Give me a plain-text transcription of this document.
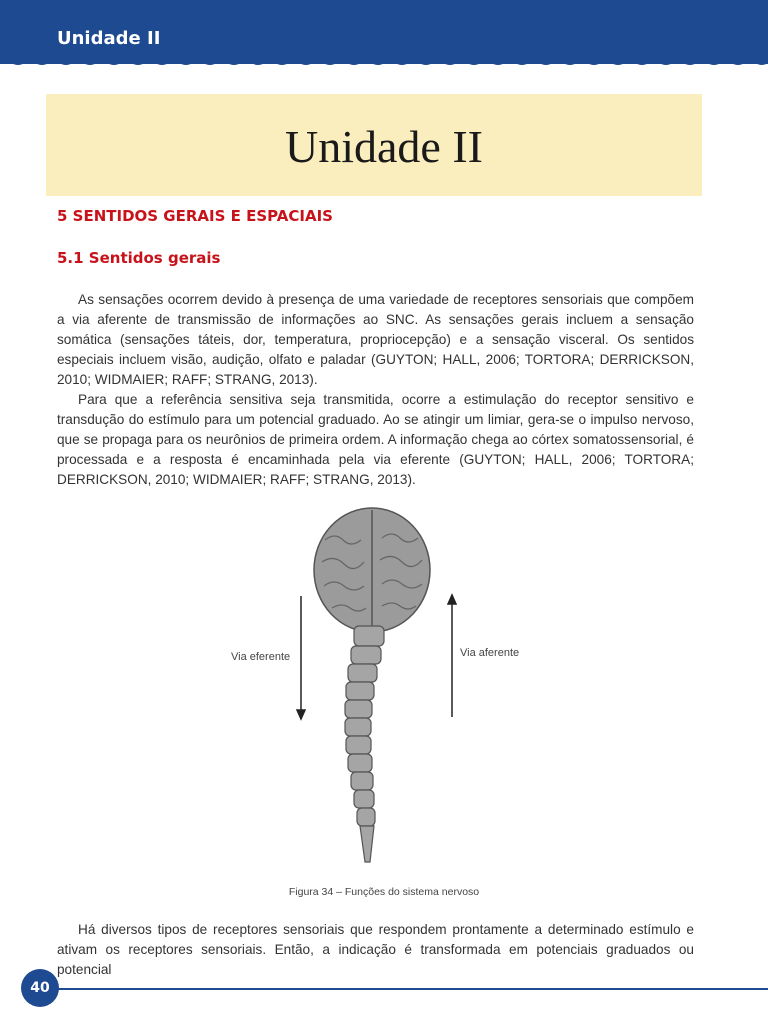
Unidade II
Unidade II
5 SENTIDOS GERAIS E ESPACIAIS
5.1 Sentidos gerais

As sensações ocorrem devido à presença de uma variedade de receptores sensoriais que compõem a via aferente de transmissão de informações ao SNC. As sensações gerais incluem a sensação somática (sensações táteis, dor, temperatura, propriocepção) e a sensação visceral. Os sentidos especiais incluem visão, audição, olfato e paladar (GUYTON; HALL, 2006; TORTORA; DERRICKSON, 2010; WIDMAIER; RAFF; STRANG, 2013).

Para que a referência sensitiva seja transmitida, ocorre a estimulação do receptor sensitivo e transdução do estímulo para um potencial graduado. Ao se atingir um limiar, gera-se o impulso nervoso, que se propaga para os neurônios de primeira ordem. A informação chega ao córtex somatossensorial, é processada e a resposta é encaminhada pela via eferente (GUYTON; HALL, 2006; TORTORA; DERRICKSON, 2010; WIDMAIER; RAFF; STRANG, 2013).

Via eferente	Via aferente
Figura 34 – Funções do sistema nervoso

Há diversos tipos de receptores sensoriais que respondem prontamente a determinado estímulo e ativam os receptores sensoriais. Então, a indicação é transformada em potenciais graduados ou potencial

40
